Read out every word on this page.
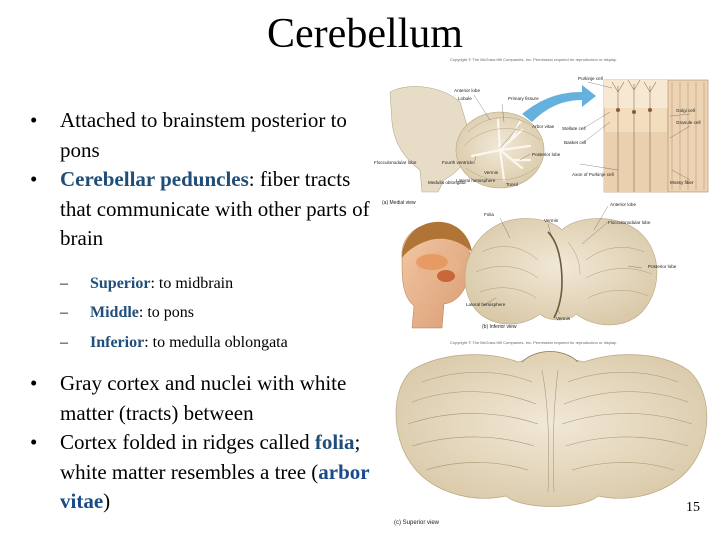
Cerebellum

•	Attached to brainstem posterior to pons

•	Cerebellar peduncles: fiber tracts that communicate with other parts of brain

– Superior: to midbrain

– Middle: to pons

– Inferior: to medulla oblongata

•	Gray cortex and nuclei with white matter (tracts) between

•	Cortex folded in ridges called folia; white matter resembles a tree (arbor vitae)

Copyright © The McGraw-Hill Companies, Inc. Permission required for reproduction or display.
Copyright © The McGraw-Hill Companies, Inc. Permission required for reproduction or display.
Anterior lobe
Primary fissure
Arbor vitae
Purkinje cell
Golgi cell
Granule cell
Stellate cell
Basket cell
Axon of Purkinje cell
Mossy fiber
Posterior lobe
Vermis
Lateral hemisphere
Fourth ventricle
Tonsil
Flocculonodular lobe
Medulla oblongata
Lobule
(a) Medial view	Anterior lobe
Flocculonodular lobe
Vermis
Folia
Posterior lobe
Lateral hemisphere
Vermis
(b) Inferior view
(c) Superior view
15
